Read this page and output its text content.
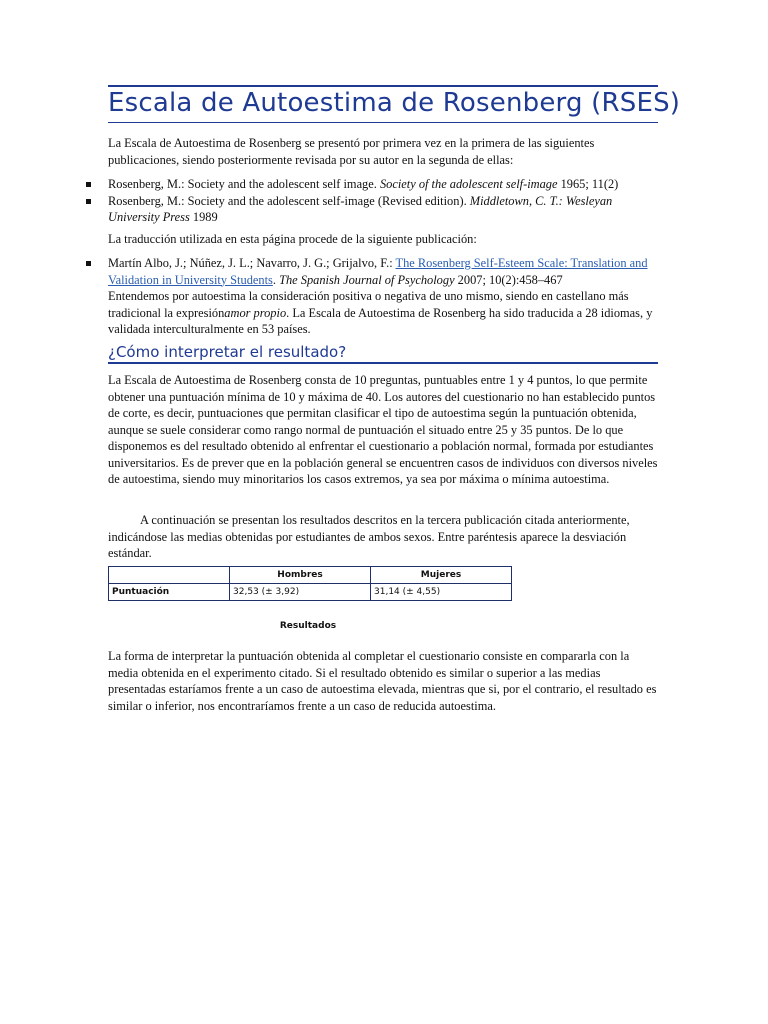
Escala de Autoestima de Rosenberg (RSES)

La Escala de Autoestima de Rosenberg se presentó por primera vez en la primera de las siguientes publicaciones, siendo posteriormente revisada por su autor en la segunda de ellas:

Rosenberg, M.: Society and the adolescent self image. Society of the adolescent self-image 1965; 11(2)
Rosenberg, M.: Society and the adolescent self-image (Revised edition). Middletown, C. T.: Wesleyan University Press 1989

La traducción utilizada en esta página procede de la siguiente publicación:

Martín Albo, J.; Núñez, J. L.; Navarro, J. G.; Grijalvo, F.: The Rosenberg Self-Esteem Scale: Translation and Validation in University Students. The Spanish Journal of Psychology 2007; 10(2):458–467
Entendemos por autoestima la consideración positiva o negativa de uno mismo, siendo en castellano más tradicional la expresiónamor propio. La Escala de Autoestima de Rosenberg ha sido traducida a 28 idiomas, y validada interculturalmente en 53 países.
¿Cómo interpretar el resultado?

La Escala de Autoestima de Rosenberg consta de 10 preguntas, puntuables entre 1 y 4 puntos, lo que permite obtener una puntuación mínima de 10 y máxima de 40. Los autores del cuestionario no han establecido puntos de corte, es decir, puntuaciones que permitan clasificar el tipo de autoestima según la puntuación obtenida, aunque se suele considerar como rango normal de puntuación el situado entre 25 y 35 puntos. De lo que disponemos es del resultado obtenido al enfrentar el cuestionario a población normal, formada por estudiantes universitarios. Es de prever que en la población general se encuentren casos de individuos con diversos niveles de autoestima, siendo muy minoritarios los casos extremos, ya sea por máxima o mínima autoestima.

A continuación se presentan los resultados descritos en la tercera publicación citada anteriormente, indicándose las medias obtenidas por estudiantes de ambos sexos. Entre paréntesis aparece la desviación estándar.

	Hombres	Mujeres
Puntuación	32,53 (± 3,92)	31,14 (± 4,55)
Resultados

La forma de interpretar la puntuación obtenida al completar el cuestionario consiste en compararla con la media obtenida en el experimento citado. Si el resultado obtenido es similar o superior a las medias presentadas estaríamos frente a un caso de autoestima elevada, mientras que si, por el contrario, el resultado es similar o inferior, nos encontraríamos frente a un caso de reducida autoestima.
